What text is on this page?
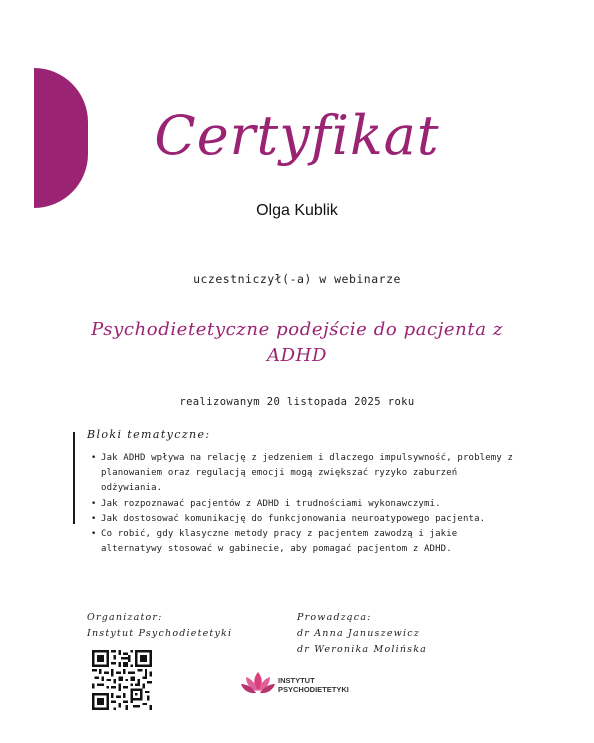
Certyfikat
Olga Kublik
uczestniczył(-a) w webinarze
Psychodietetyczne podejście do pacjenta z ADHD
realizowanym 20 listopada 2025 roku
Bloki tematyczne:
• Jak ADHD wpływa na relację z jedzeniem i dlaczego impulsywność, problemy z planowaniem oraz regulacją emocji mogą zwiększać ryzyko zaburzeń odżywiania.
• Jak rozpoznawać pacjentów z ADHD i trudnościami wykonawczymi.
• Jak dostosować komunikację do funkcjonowania neuroatypowego pacjenta.
• Co robić, gdy klasyczne metody pracy z pacjentem zawodzą i jakie alternatywy stosować w gabinecie, aby pomagać pacjentom z ADHD.
Organizator:
Instytut Psychodietetyki
Prowadząca:
dr Anna Januszewicz
dr Weronika Molińska
INSTYTUT
PSYCHODIETETYKI
